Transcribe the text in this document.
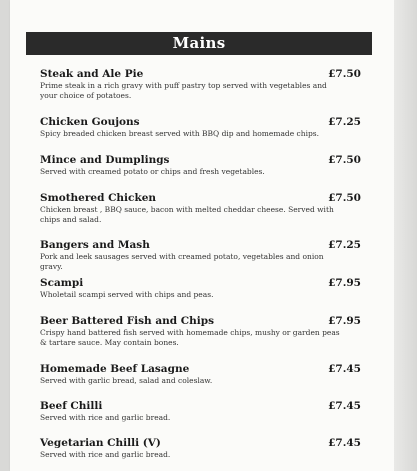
Mains
Steak and Ale Pie	£7.50
Prime steak in a rich gravy with puff pastry top served with vegetables and your choice of potatoes.
Chicken Goujons	£7.25
Spicy breaded chicken breast served with BBQ dip and homemade chips.
Mince and Dumplings	£7.50
Served with creamed potato or chips and fresh vegetables.
Smothered Chicken	£7.50
Chicken breast , BBQ sauce, bacon with melted cheddar cheese. Served with chips and salad.
Bangers and Mash	£7.25
Pork and leek sausages served with creamed potato, vegetables and onion gravy.
Scampi	£7.95
Wholetail scampi served with chips and peas.
Beer Battered Fish and Chips	£7.95
Crispy hand battered fish served with homemade chips, mushy or garden peas & tartare sauce. May contain bones.
Homemade Beef Lasagne	£7.45
Served with garlic bread, salad and coleslaw.
Beef Chilli	£7.45
Served with rice and garlic bread.
Vegetarian Chilli (V)	£7.45
Served with rice and garlic bread.
